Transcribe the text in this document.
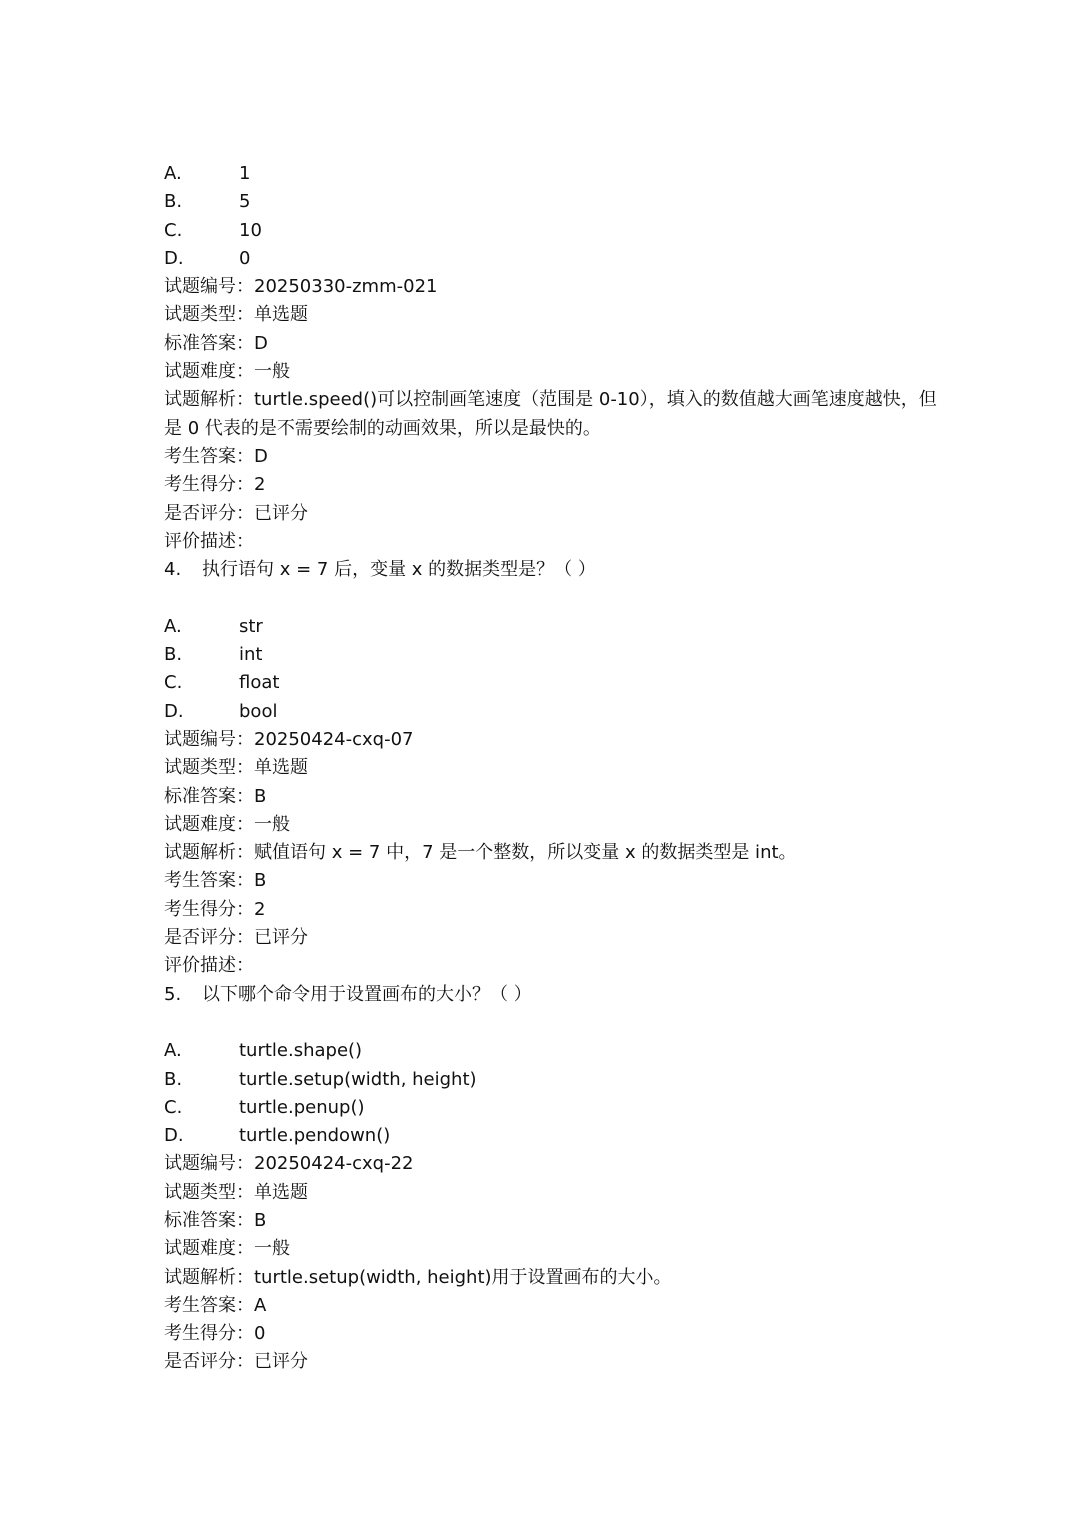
A.	1
B.	5
C.	10
D.	0
试题编号：20250330-zmm-021
试题类型：单选题
标准答案：D
试题难度：一般
试题解析：turtle.speed()可以控制画笔速度（范围是 0-10），填入的数值越大画笔速度越快，但是 0 代表的是不需要绘制的动画效果，所以是最快的。
考生答案：D
考生得分：2
是否评分：已评分
评价描述：
4.	执行语句 x = 7 后，变量 x 的数据类型是？（ ）
A.	str
B.	int
C.	float
D.	bool
试题编号：20250424-cxq-07
试题类型：单选题
标准答案：B
试题难度：一般
试题解析：赋值语句 x = 7 中，7 是一个整数，所以变量 x 的数据类型是 int。
考生答案：B
考生得分：2
是否评分：已评分
评价描述：
5.	以下哪个命令用于设置画布的大小？（ ）
A.	turtle.shape()
B.	turtle.setup(width, height)
C.	turtle.penup()
D.	turtle.pendown()
试题编号：20250424-cxq-22
试题类型：单选题
标准答案：B
试题难度：一般
试题解析：turtle.setup(width, height)用于设置画布的大小。
考生答案：A
考生得分：0
是否评分：已评分
